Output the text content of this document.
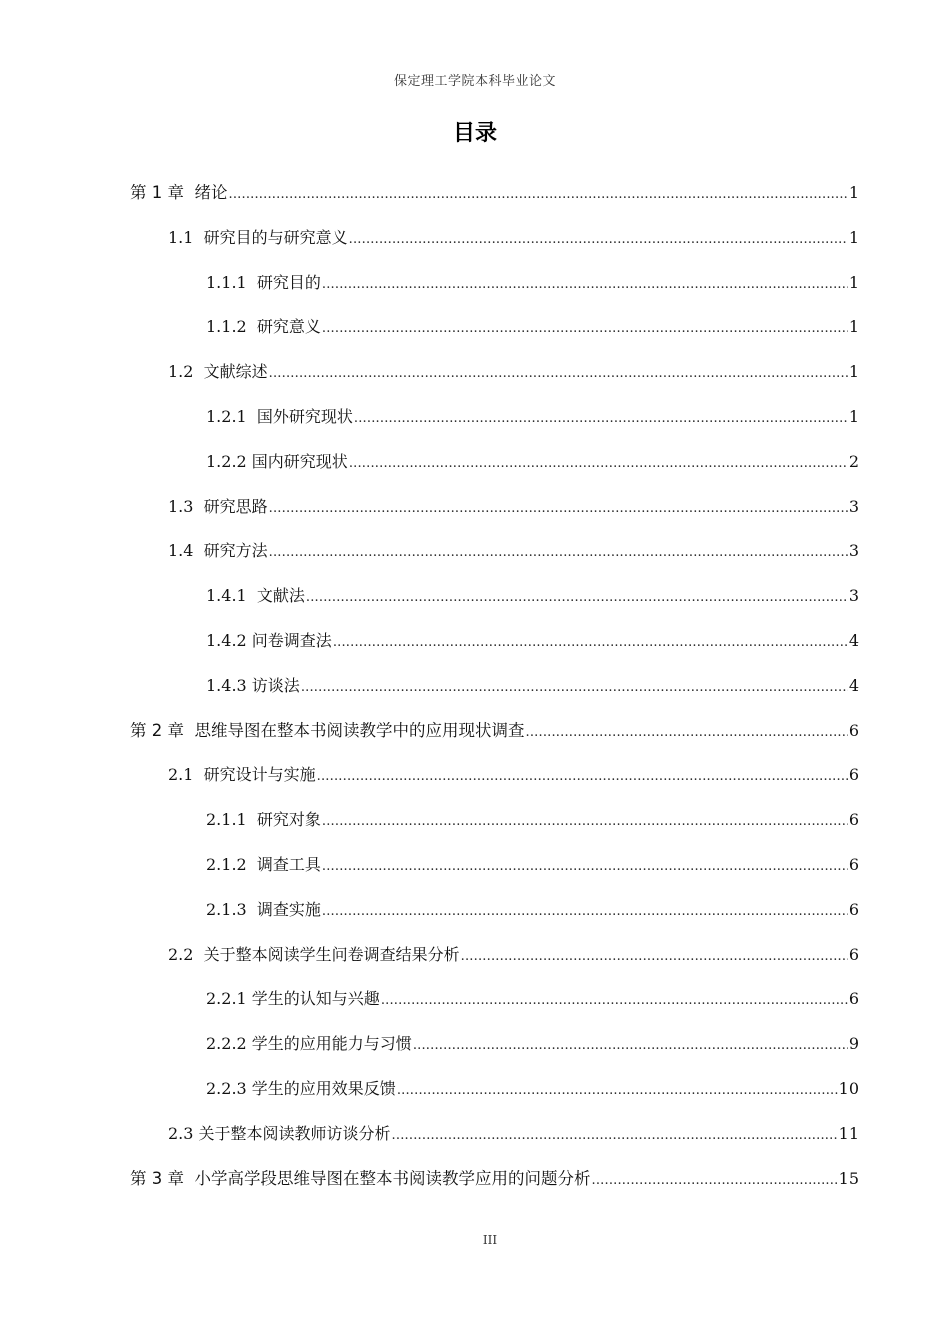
保定理工学院本科毕业论文
目录
第 1 章  绪论 .....	1
1.1  研究目的与研究意义 .....	1
1.1.1  研究目的 .....	1
1.1.2  研究意义 .....	1
1.2  文献综述 .....	1
1.2.1  国外研究现状 .....	1
1.2.2 国内研究现状 .....	2
1.3  研究思路 .....	3
1.4  研究方法 .....	3
1.4.1  文献法 .....	3
1.4.2 问卷调查法 .....	4
1.4.3 访谈法 .....	4
第 2 章  思维导图在整本书阅读教学中的应用现状调查 .....	6
2.1  研究设计与实施 .....	6
2.1.1  研究对象 .....	6
2.1.2  调查工具 .....	6
2.1.3  调查实施 .....	6
2.2  关于整本阅读学生问卷调查结果分析 .....	6
2.2.1 学生的认知与兴趣 .....	6
2.2.2 学生的应用能力与习惯 .....	9
2.2.3 学生的应用效果反馈 .....	10
2.3 关于整本阅读教师访谈分析 .....	11
第 3 章  小学高学段思维导图在整本书阅读教学应用的问题分析 .....	15
III
